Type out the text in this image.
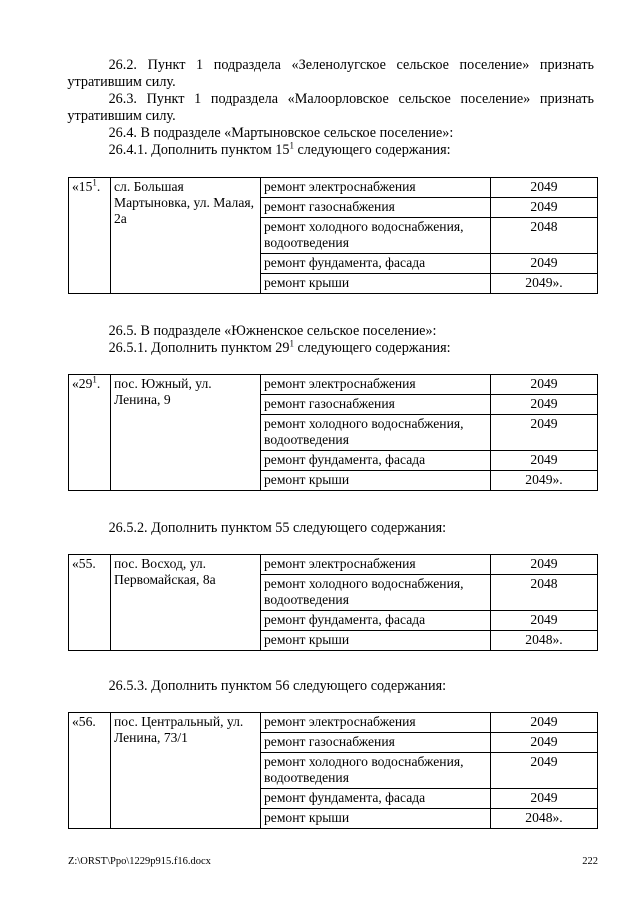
26.2. Пункт 1 подраздела «Зеленолугское сельское поселение» признать
утратившим силу.
26.3. Пункт 1 подраздела «Малоорловское сельское поселение» признать
утратившим силу.
26.4. В подразделе «Мартыновское сельское поселение»:
26.4.1. Дополнить пунктом $15^1$ следующего содержания:
«$15^1$.	сл. Большая Мартыновка, ул. Малая, 2а	ремонт электроснабжения	2049
		ремонт газоснабжения	2049
		ремонт холодного водоснабжения, водоотведения	2048
		ремонт фундамента, фасада	2049
		ремонт крыши	2049».
26.5. В подразделе «Южненское сельское поселение»:
26.5.1. Дополнить пунктом $29^1$ следующего содержания:
«$29^1$.	пос. Южный, ул. Ленина, 9	ремонт электроснабжения	2049
		ремонт газоснабжения	2049
		ремонт холодного водоснабжения, водоотведения	2049
		ремонт фундамента, фасада	2049
		ремонт крыши	2049».
26.5.2. Дополнить пунктом 55 следующего содержания:
«55.	пос. Восход, ул. Первомайская, 8а	ремонт электроснабжения	2049
		ремонт холодного водоснабжения, водоотведения	2048
		ремонт фундамента, фасада	2049
		ремонт крыши	2048».
26.5.3. Дополнить пунктом 56 следующего содержания:
«56.	пос. Центральный, ул. Ленина, 73/1	ремонт электроснабжения	2049
		ремонт газоснабжения	2049
		ремонт холодного водоснабжения, водоотведения	2049
		ремонт фундамента, фасада	2049
		ремонт крыши	2048».
Z:\ORST\Ppo\1229p915.f16.docx	222
